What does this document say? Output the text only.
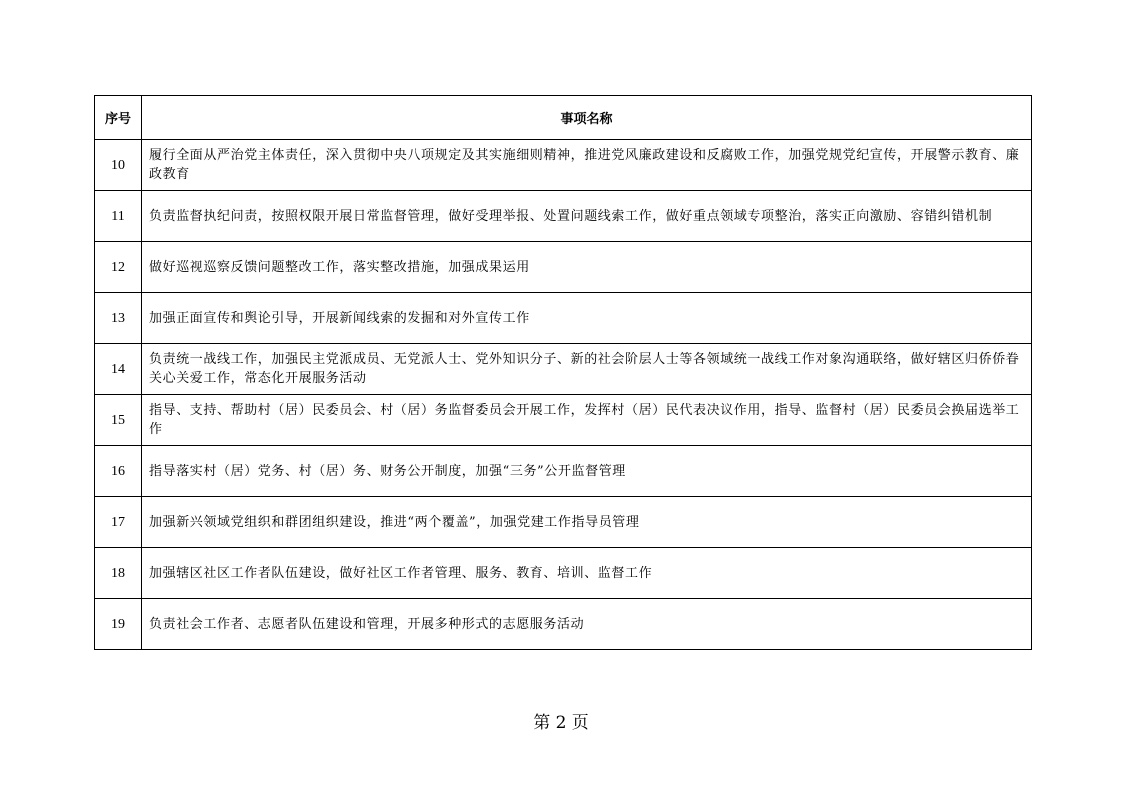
序号	事项名称
10	履行全面从严治党主体责任，深入贯彻中央八项规定及其实施细则精神，推进党风廉政建设和反腐败工作，加强党规党纪宣传，开展警示教育、廉政教育
11	负责监督执纪问责，按照权限开展日常监督管理，做好受理举报、处置问题线索工作，做好重点领域专项整治，落实正向激励、容错纠错机制
12	做好巡视巡察反馈问题整改工作，落实整改措施，加强成果运用
13	加强正面宣传和舆论引导，开展新闻线索的发掘和对外宣传工作
14	负责统一战线工作，加强民主党派成员、无党派人士、党外知识分子、新的社会阶层人士等各领域统一战线工作对象沟通联络，做好辖区归侨侨眷关心关爱工作，常态化开展服务活动
15	指导、支持、帮助村（居）民委员会、村（居）务监督委员会开展工作，发挥村（居）民代表决议作用，指导、监督村（居）民委员会换届选举工作
16	指导落实村（居）党务、村（居）务、财务公开制度，加强“三务”公开监督管理
17	加强新兴领域党组织和群团组织建设，推进“两个覆盖”，加强党建工作指导员管理
18	加强辖区社区工作者队伍建设，做好社区工作者管理、服务、教育、培训、监督工作
19	负责社会工作者、志愿者队伍建设和管理，开展多种形式的志愿服务活动
第 2 页
